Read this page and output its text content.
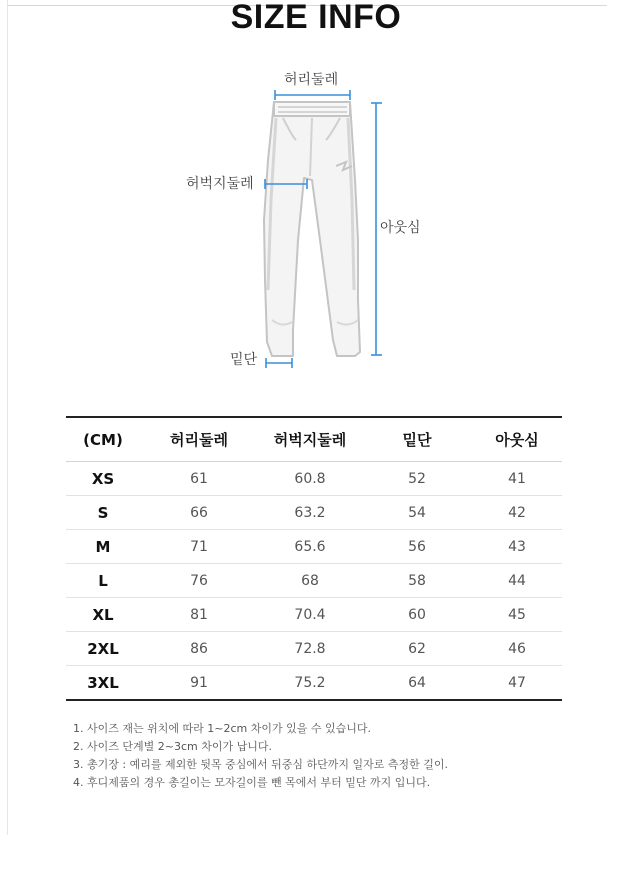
SIZE INFO
허리둘레
허벅지둘레
밑단
아웃심
(CM)	허리둘레	허벅지둘레	밑단	아웃심
XS	61	60.8	52	41
S	66	63.2	54	42
M	71	65.6	56	43
L	76	68	58	44
XL	81	70.4	60	45
2XL	86	72.8	62	46
3XL	91	75.2	64	47
1. 사이즈 재는 위치에 따라 1~2cm 차이가 있을 수 있습니다.
2. 사이즈 단계별 2~3cm 차이가 납니다.
3. 총기장 : 예리를 제외한 뒷목 중심에서 뒤중심 하단까지 일자로 측정한 길이.
4. 후디제품의 경우 총길이는 모자길이를 뺀 목에서 부터 밑단 까지 입니다.
